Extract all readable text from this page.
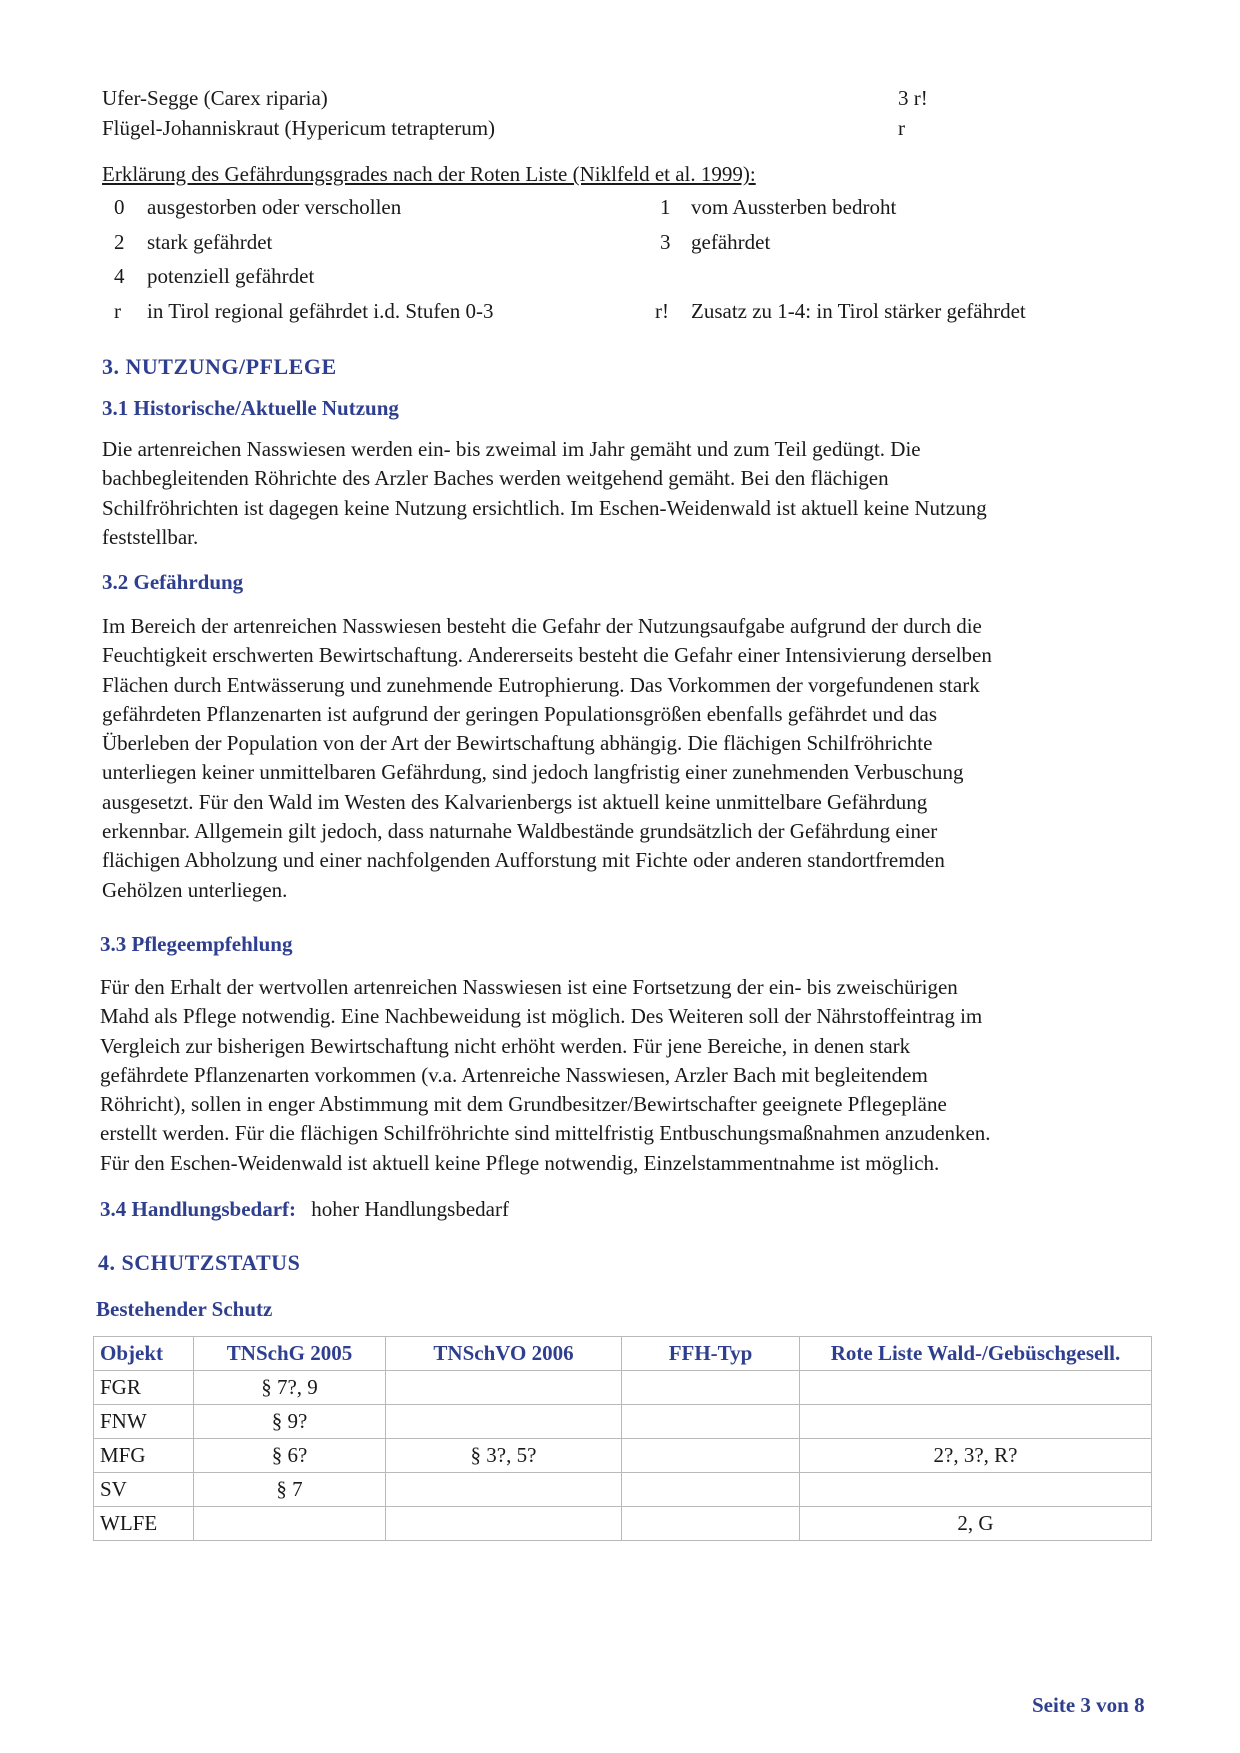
Ufer-Segge (Carex riparia)	3 r!
Flügel-Johanniskraut (Hypericum tetrapterum)	r
Erklärung des Gefährdungsgrades nach der Roten Liste (Niklfeld et al. 1999):
0 ausgestorben oder verschollen	1 vom Aussterben bedroht
2 stark gefährdet	3 gefährdet
4 potenziell gefährdet
r in Tirol regional gefährdet i.d. Stufen 0-3	r! Zusatz zu 1-4: in Tirol stärker gefährdet
3. NUTZUNG/PFLEGE
3.1 Historische/Aktuelle Nutzung
Die artenreichen Nasswiesen werden ein- bis zweimal im Jahr gemäht und zum Teil gedüngt. Die
bachbegleitenden Röhrichte des Arzler Baches werden weitgehend gemäht. Bei den flächigen
Schilfröhrichten ist dagegen keine Nutzung ersichtlich. Im Eschen-Weidenwald ist aktuell keine Nutzung
feststellbar.
3.2 Gefährdung
Im Bereich der artenreichen Nasswiesen besteht die Gefahr der Nutzungsaufgabe aufgrund der durch die
Feuchtigkeit erschwerten Bewirtschaftung. Andererseits besteht die Gefahr einer Intensivierung derselben
Flächen durch Entwässerung und zunehmende Eutrophierung. Das Vorkommen der vorgefundenen stark
gefährdeten Pflanzenarten ist aufgrund der geringen Populationsgrößen ebenfalls gefährdet und das
Überleben der Population von der Art der Bewirtschaftung abhängig. Die flächigen Schilfröhrichte
unterliegen keiner unmittelbaren Gefährdung, sind jedoch langfristig einer zunehmenden Verbuschung
ausgesetzt. Für den Wald im Westen des Kalvarienbergs ist aktuell keine unmittelbare Gefährdung
erkennbar. Allgemein gilt jedoch, dass naturnahe Waldbestände grundsätzlich der Gefährdung einer
flächigen Abholzung und einer nachfolgenden Aufforstung mit Fichte oder anderen standortfremden
Gehölzen unterliegen.
3.3 Pflegeempfehlung
Für den Erhalt der wertvollen artenreichen Nasswiesen ist eine Fortsetzung der ein- bis zweischürigen
Mahd als Pflege notwendig. Eine Nachbeweidung ist möglich. Des Weiteren soll der Nährstoffeintrag im
Vergleich zur bisherigen Bewirtschaftung nicht erhöht werden. Für jene Bereiche, in denen stark
gefährdete Pflanzenarten vorkommen (v.a. Artenreiche Nasswiesen, Arzler Bach mit begleitendem
Röhricht), sollen in enger Abstimmung mit dem Grundbesitzer/Bewirtschafter geeignete Pflegepläne
erstellt werden. Für die flächigen Schilfröhrichte sind mittelfristig Entbuschungsmaßnahmen anzudenken.
Für den Eschen-Weidenwald ist aktuell keine Pflege notwendig, Einzelstammentnahme ist möglich.
3.4 Handlungsbedarf: hoher Handlungsbedarf
4. SCHUTZSTATUS
Bestehender Schutz
Objekt	TNSchG 2005	TNSchVO 2006	FFH-Typ	Rote Liste Wald-/Gebüschgesell.
FGR	§ 7?, 9			
FNW	§ 9?			
MFG	§ 6?	§ 3?, 5?		2?, 3?, R?
SV	§ 7			
WLFE				2, G
Seite 3 von 8
